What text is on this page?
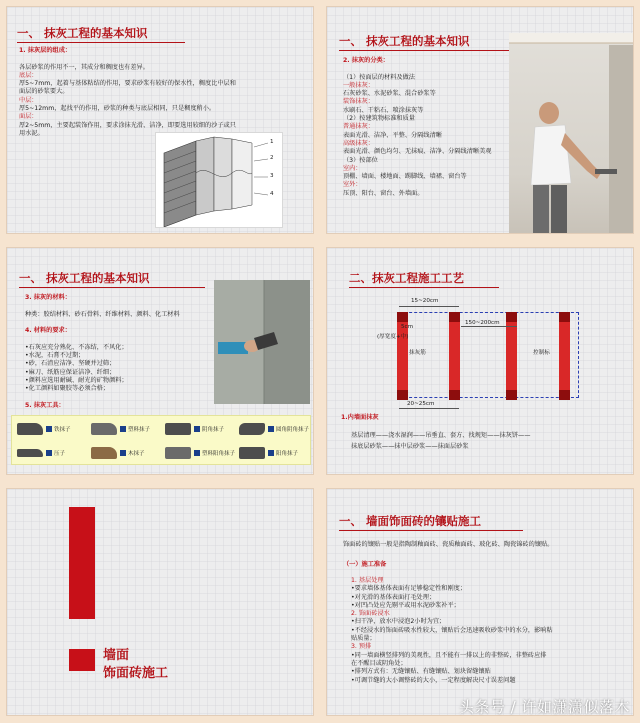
一、 抹灰工程的基本知识
1. 抹灰层的组成：

各层砂浆的作用不一，其成分和稠度也有差异。
底层：
厚5~7mm，起着与基体粘结的作用，要求砂浆有较好的保水性，稠度比中层和
面层的砂浆要大。
中层：
厚5~12mm，起找平的作用，砂浆的种类与底层相同，只是稠度稍小。
面层：
厚2~5mm，主要起装饰作用，要求涂抹光滑、洁净，即要选用较细的沙子或只
用水泥。
1
2
3
4
一、 抹灰工程的基本知识
2. 抹灰的分类：

（1）按面层的材料及做法
一般抹灰：
石灰砂浆、水泥砂浆、混合砂浆等
装饰抹灰：
水刷石、干粘石、喷涂抹灰等
（2）按建筑物标准和质量
普通抹灰：
表面光滑、洁净、平整、分隔线清晰
高级抹灰：
表面光滑、颜色均匀、无抹痕、洁净、分隔线清晰美观
（3）按部位
室内：
顶棚、墙面、楼地面、踢脚线、墙裙、窗台等
室外：
压顶、阳台、窗台、外墙面。
一、 抹灰工程的基本知识
3. 抹灰的材料：

种类：胶结材料、砂石骨料、纤维材料、颜料、化工材料

4. 材料的要求：

•石灰应充分熟化、不冻结，不风化；
•水泥，石膏不过期；
•砂，石渣应洁净、坚硬并过筛；
•麻刀、纸筋应保证洁净、纤细；
•颜料应选用耐碱、耐光的矿物颜料；
•化工颜料如聚胶等必须合格；

5. 抹灰工具：
铁抹子	塑料抹子	阴角抹子	圆角阴角抹子
压子	木抹子	塑料阳角抹子	阳角抹子
二、抹灰工程施工工艺
15~20cm
150~200cm
5cm
(厚宽度+中)
抹灰筋	控制标
20~25cm
1.内墙面抹灰
基层清理——浇水湿润——吊垂直、套方、找规矩——抹灰饼——
抹底层砂浆——抹中层砂浆——抹面层砂浆
墙面
饰面砖施工
一、 墙面饰面砖的镶贴施工
饰面砖的镶贴一般是指陶制釉面砖、瓷质釉面砖、玻化砖、陶瓷锦砖的镶贴。
（一）施工准备
1. 基层处理
•要求墙体基体表面有足够稳定性和刚度；
•对光滑的基体表面打毛处理；
•对凹凸处应先剔平或用水泥砂浆补平；
2. 饰面砖浸水
•扫干净，放水中浸泡2小时为宜；
•不经浸水的饰面砖吸水性较大，镶贴后会迅速吸收砂浆中的水分，影响粘
贴质量；
3. 预排
•同一墙面横竖排列的美观性，且不能有一排以上的非整砖，非整砖应排
在不醒目或阴角处；
•排列方式有：无缝镶贴、有缝镶贴、划块留缝镶贴
•可调节缝的大小调整砖的大小，一定程度解决尺寸误差问题
头条号 / 许如潇潇似落木
